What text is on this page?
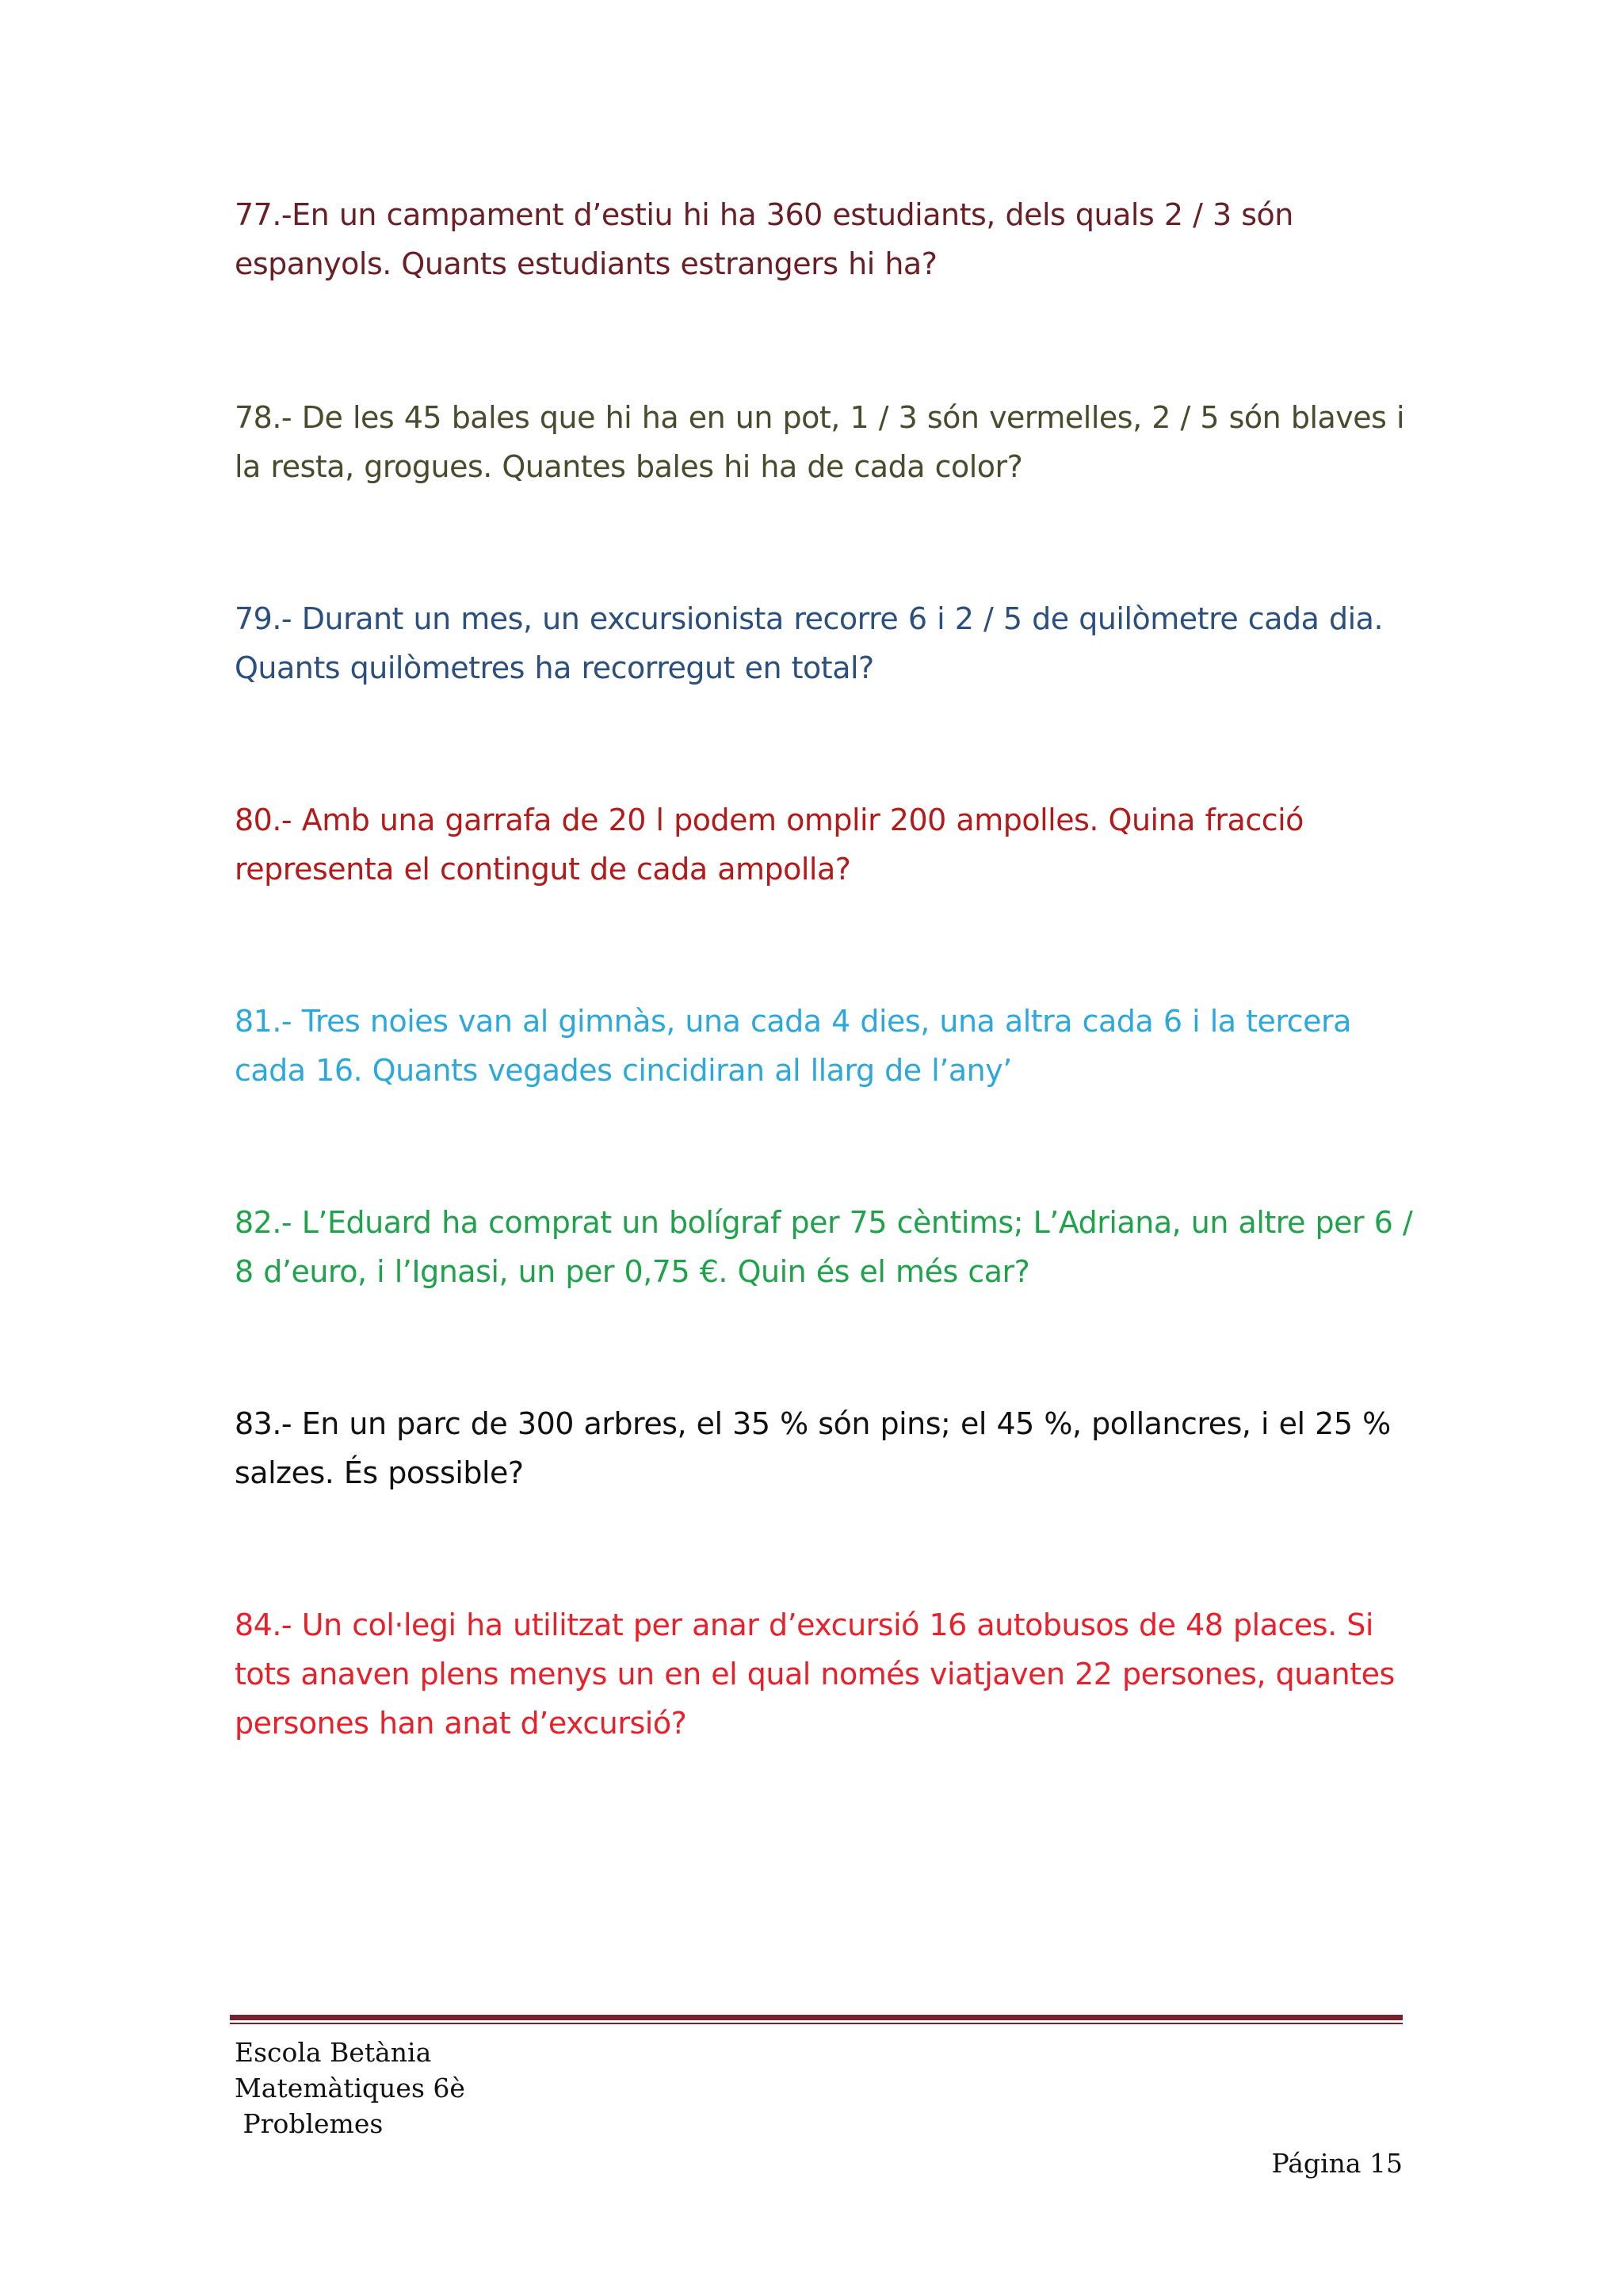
77.-En un campament d’estiu hi ha 360 estudiants, dels quals 2 / 3 són espanyols. Quants estudiants estrangers hi ha?

78.- De les 45 bales que hi ha en un pot, 1 / 3 són vermelles, 2 / 5 són blaves i la resta, grogues. Quantes bales hi ha de cada color?

79.- Durant un mes, un excursionista recorre 6 i 2 / 5 de quilòmetre cada dia. Quants quilòmetres ha recorregut en total?

80.- Amb una garrafa de 20 l podem omplir 200 ampolles. Quina fracció representa el contingut de cada ampolla?

81.- Tres noies van al gimnàs, una cada 4 dies, una altra cada 6 i la tercera cada 16. Quants vegades cincidiran al llarg de l’any’

82.- L’Eduard ha comprat un bolígraf per 75 cèntims; L’Adriana, un altre per 6 / 8 d’euro, i l’Ignasi, un per 0,75 €. Quin és el més car?

83.- En un parc de 300 arbres, el 35 % són pins; el 45 %, pollancres, i el 25 % salzes. És possible?

84.- Un col·legi ha utilitzat per anar d’excursió 16 autobusos de 48 places. Si tots anaven plens menys un en el qual només viatjaven 22 persones, quantes persones han anat d’excursió?

Escola Betània
Matemàtiques 6è
Problemes
Página 15
